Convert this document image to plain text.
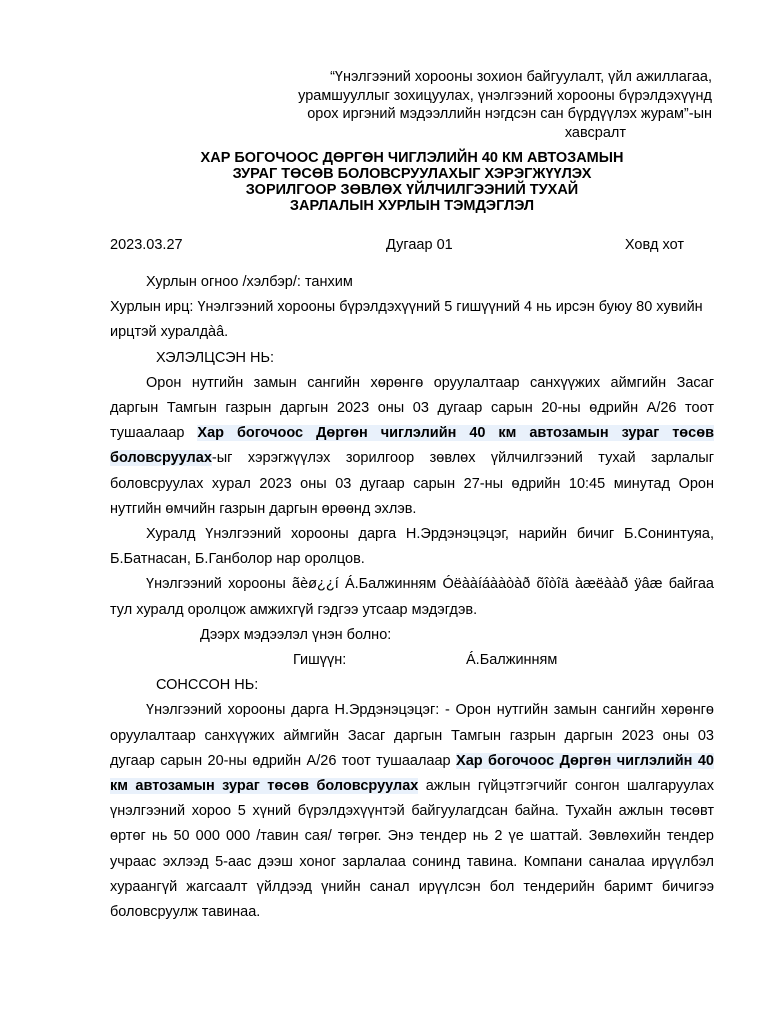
“Үнэлгээний хорооны зохион байгуулалт, үйл ажиллагаа,
урамшууллыг зохицуулах, үнэлгээний хорооны бүрэлдэхүүнд
орох иргэний мэдээллийн нэгдсэн сан бүрдүүлэх журам”-ын
хавсралт
ХАР БОГОЧООС ДӨРГӨН ЧИГЛЭЛИЙН 40 КМ АВТОЗАМЫН
ЗУРАГ ТӨСӨВ БОЛОВСРУУЛАХЫГ ХЭРЭГЖҮҮЛЭХ
ЗОРИЛГООР ЗӨВЛӨХ ҮЙЛЧИЛГЭЭНИЙ ТУХАЙ
ЗАРЛАЛЫН ХУРЛЫН ТЭМДЭГЛЭЛ
2023.03.27	Дугаар 01	Ховд хот

Хурлын огноо /хэлбэр/: танхим

Хурлын ирц: Үнэлгээний хорооны бүрэлдэхүүний 5 гишүүний 4 нь ирсэн буюу 80 хувийн ирцтэй хуралдàâ.

ХЭЛЭЛЦСЭН НЬ:

Орон нутгийн замын сангийн хөрөнгө оруулалтаар санхүүжих аймгийн Засаг даргын Тамгын газрын даргын 2023 оны 03 дугаар сарын 20-ны өдрийн А/26 тоот тушаалаар Хар богочоос Дөргөн чиглэлийн 40 км автозамын зураг төсөв боловсруулах-ыг хэрэгжүүлэх зорилгоор зөвлөх үйлчилгээний тухай зарлалыг боловсруулах хурал 2023 оны 03 дугаар сарын 27-ны өдрийн 10:45 минутад Орон нутгийн өмчийн газрын даргын өрөөнд эхлэв.

Хуралд Үнэлгээний хорооны дарга Н.Эрдэнэцэцэг, нарийн бичиг Б.Сонинтуяа, Б.Батнасан, Б.Ганболор нар оролцов.

Үнэлгээний хорооны ãèø¿¿í Á.Балжинням Óëààíáààòàð õîòîä àæëààð ÿâæ байгаа тул хуралд оролцож амжихгүй гэдгээ утсаар мэдэгдэв.

Дээрх мэдээлэл үнэн болно:

Гишүүн:	Á.Балжинням

СОНССОН НЬ:

Үнэлгээний хорооны дарга Н.Эрдэнэцэцэг: - Орон нутгийн замын сангийн хөрөнгө оруулалтаар санхүүжих аймгийн Засаг даргын Тамгын газрын даргын 2023 оны 03 дугаар сарын 20-ны өдрийн А/26 тоот тушаалаар Хар богочоос Дөргөн чиглэлийн 40 км автозамын зураг төсөв боловсруулах ажлын гүйцэтгэгчийг сонгон шалгаруулах үнэлгээний хороо 5 хүний бүрэлдэхүүнтэй байгуулагдсан байна. Тухайн ажлын төсөвт өртөг нь 50 000 000 /тавин сая/ төгрөг. Энэ тендер нь 2 үе шаттай. Зөвлөхийн тендер учраас эхлээд 5-аас дээш хоног зарлалаа сонинд тавина. Компани саналаа ирүүлбэл хураангүй жагсаалт үйлдээд үнийн санал ирүүлсэн бол тендерийн баримт бичигээ боловсруулж тавинаа.
